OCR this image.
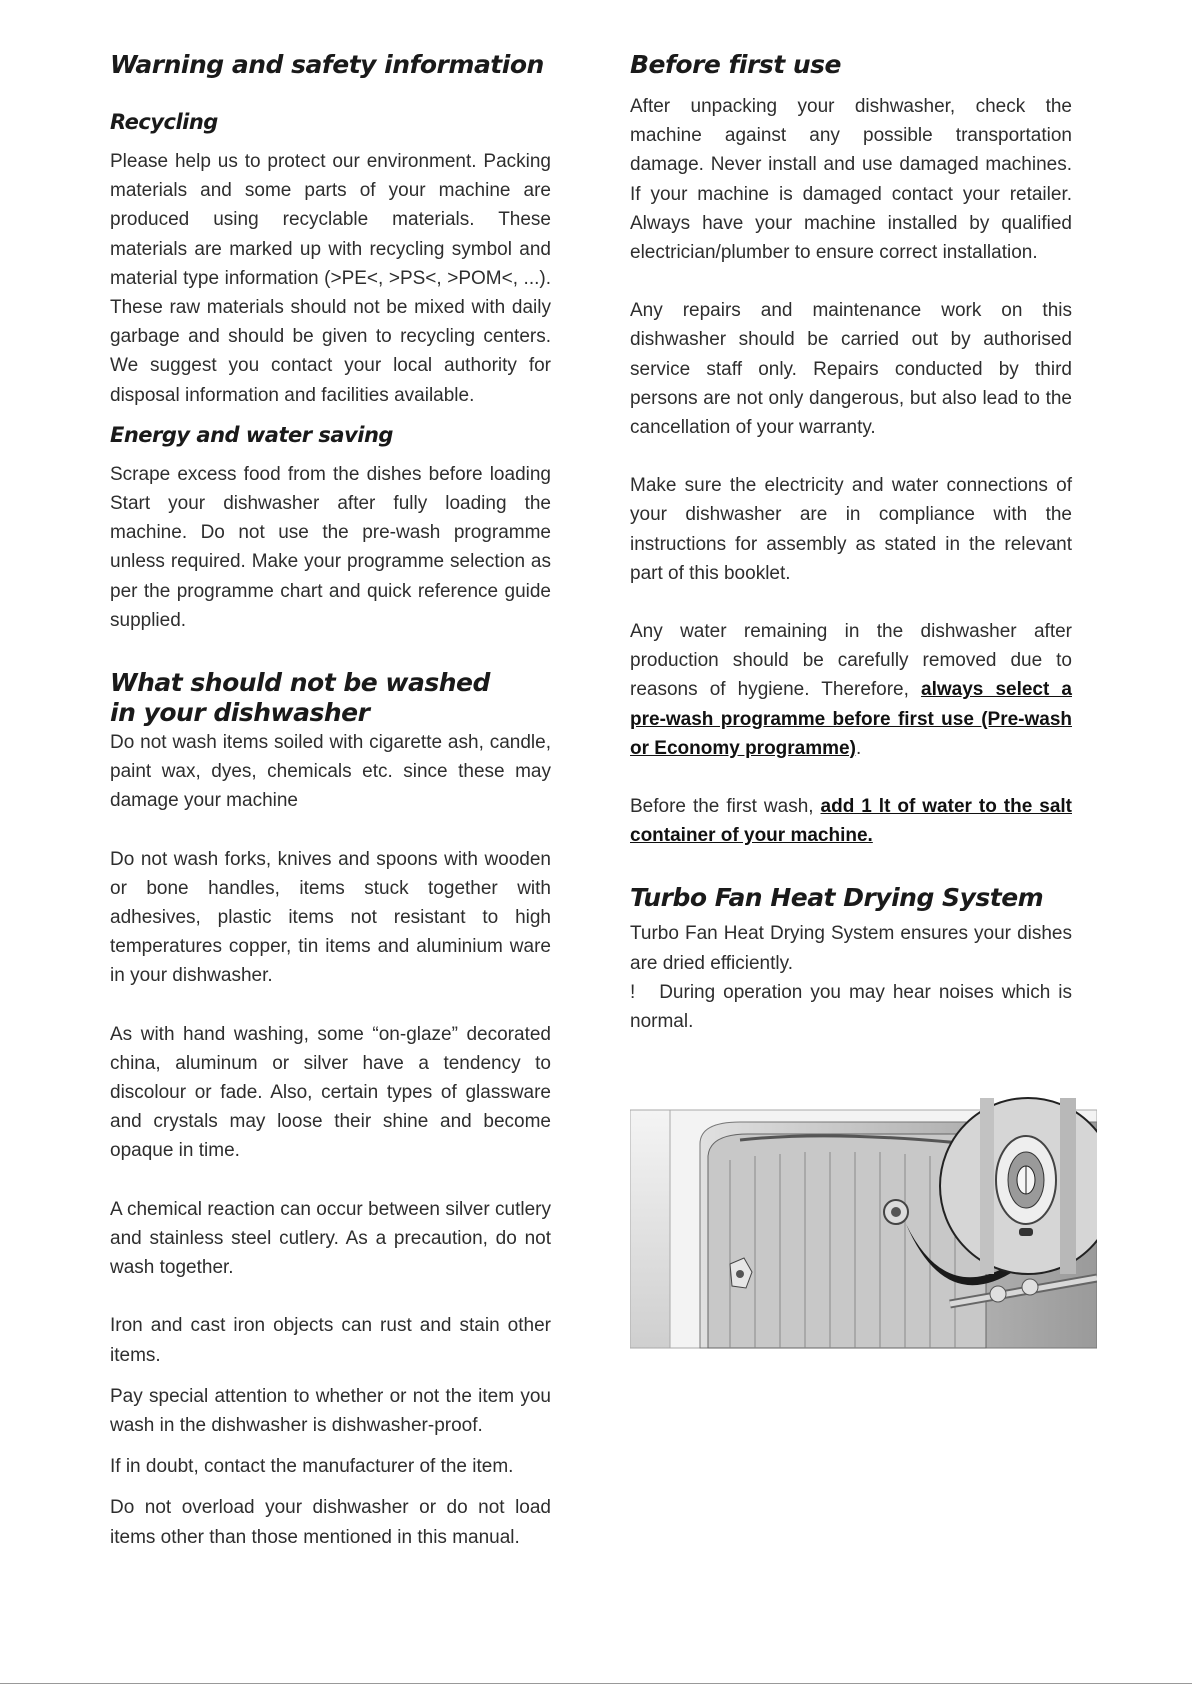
Warning and safety information
Recycling

Please help us to protect our environment. Packing materials and some parts of your machine are produced using recyclable materials. These materials are marked up with recycling symbol and material type information (>PE<, >PS<, >POM<, ...). These raw materials should not be mixed with daily garbage and should be given to recycling centers. We suggest you contact your local authority for disposal information and facilities available.

Energy and water saving

Scrape excess food from the dishes before loading Start your dishwasher after fully loading the machine. Do not use the pre-wash programme unless required. Make your programme selection as per the programme chart and quick reference guide supplied.

What should not be washed
in your dishwasher

Do not wash items soiled with cigarette ash, candle, paint wax, dyes, chemicals etc. since these may damage your machine

Do not wash forks, knives and spoons with wooden or bone handles, items stuck together with adhesives, plastic items not resistant to high temperatures copper, tin items and aluminium ware in your dishwasher.

As with hand washing, some “on-glaze” decorated china, aluminum or silver have a tendency to discolour or fade. Also, certain types of glassware and crystals may loose their shine and become opaque in time.

A chemical reaction can occur between silver cutlery and stainless steel cutlery. As a precaution, do not wash together.

Iron and cast iron objects can rust and stain other items.

Pay special attention to whether or not the item you wash in the dishwasher is dishwasher-proof.

If in doubt, contact the manufacturer of the item.

Do not overload your dishwasher or do not load items other than those mentioned in this manual.

Before first use

After unpacking your dishwasher, check the machine against any possible transportation damage. Never install and use damaged machines. If your machine is damaged contact your retailer. Always have your machine installed by qualified electrician/plumber to ensure correct installation.

Any repairs and maintenance work on this dishwasher should be carried out by authorised service staff only. Repairs conducted by third persons are not only dangerous, but also lead to the cancellation of your warranty.

Make sure the electricity and water connections of your dishwasher are in compliance with the instructions for assembly as stated in the relevant part of this booklet.

Any water remaining in the dishwasher after production should be carefully removed due to reasons of hygiene. Therefore, always select a pre-wash programme before first use (Pre-wash or Economy programme).

Before the first wash, add 1 lt of water to the salt container of your machine.

Turbo Fan Heat Drying System

Turbo Fan Heat Drying System ensures your dishes are dried efficiently.

! During operation you may hear noises which is normal.
